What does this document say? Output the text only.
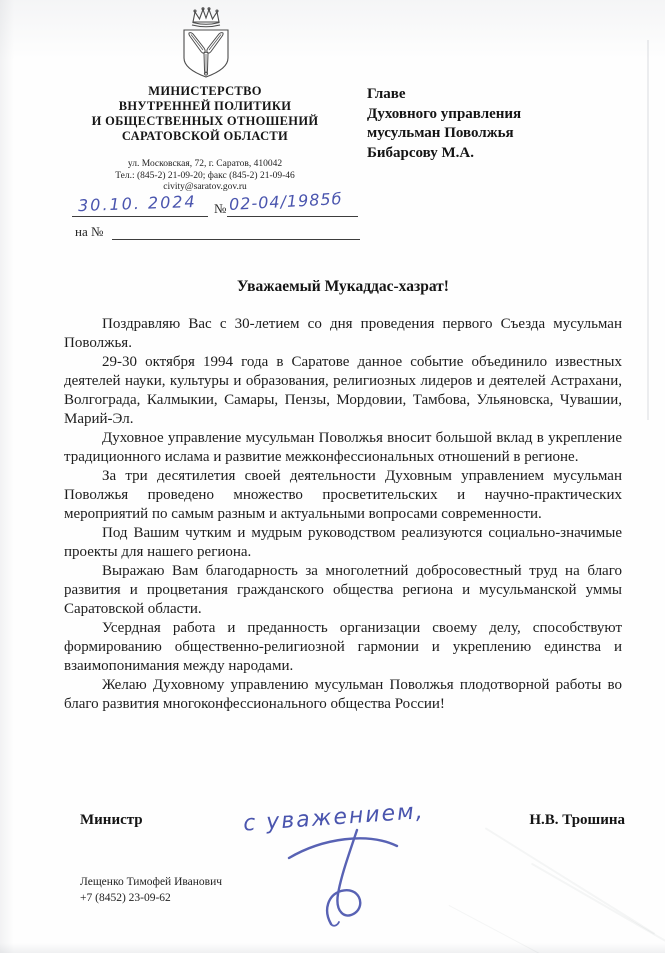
МИНИСТЕРСТВО
ВНУТРЕННЕЙ ПОЛИТИКИ
И ОБЩЕСТВЕННЫХ ОТНОШЕНИЙ
САРАТОВСКОЙ ОБЛАСТИ
ул. Московская, 72, г. Саратов, 410042
Тел.: (845-2) 21-09-20; факс (845-2) 21-09-46
civity@saratov.gov.ru
30.10. 2024 № 02-04/1985б
на №
Главе
Духовного управления
мусульман Поволжья
Бибарсову М.А.
Уважаемый Мукаддас-хазрат!

Поздравляю Вас с 30-летием со дня проведения первого Съезда мусульман Поволжья.

29-30 октября 1994 года в Саратове данное событие объединило известных деятелей науки, культуры и образования, религиозных лидеров и деятелей Астрахани, Волгограда, Калмыкии, Самары, Пензы, Мордовии, Тамбова, Ульяновска, Чувашии, Марий-Эл.

Духовное управление мусульман Поволжья вносит большой вклад в укрепление традиционного ислама и развитие межконфессиональных отношений в регионе.

За три десятилетия своей деятельности Духовным управлением мусульман Поволжья проведено множество просветительских и научно-практических мероприятий по самым разным и актуальными вопросами современности.

Под Вашим чутким и мудрым руководством реализуются социально-значимые проекты для нашего региона.

Выражаю Вам благодарность за многолетний добросовестный труд на благо развития и процветания гражданского общества региона и мусульманской уммы Саратовской области.

Усердная работа и преданность организации своему делу, способствуют формированию общественно-религиозной гармонии и укреплению единства и взаимопонимания между народами.

Желаю Духовному управлению мусульман Поволжья плодотворной работы во благо развития многоконфессионального общества России!

Министр	с уважением,	Н.В. Трошина
Лещенко Тимофей Иванович
+7 (8452) 23-09-62
